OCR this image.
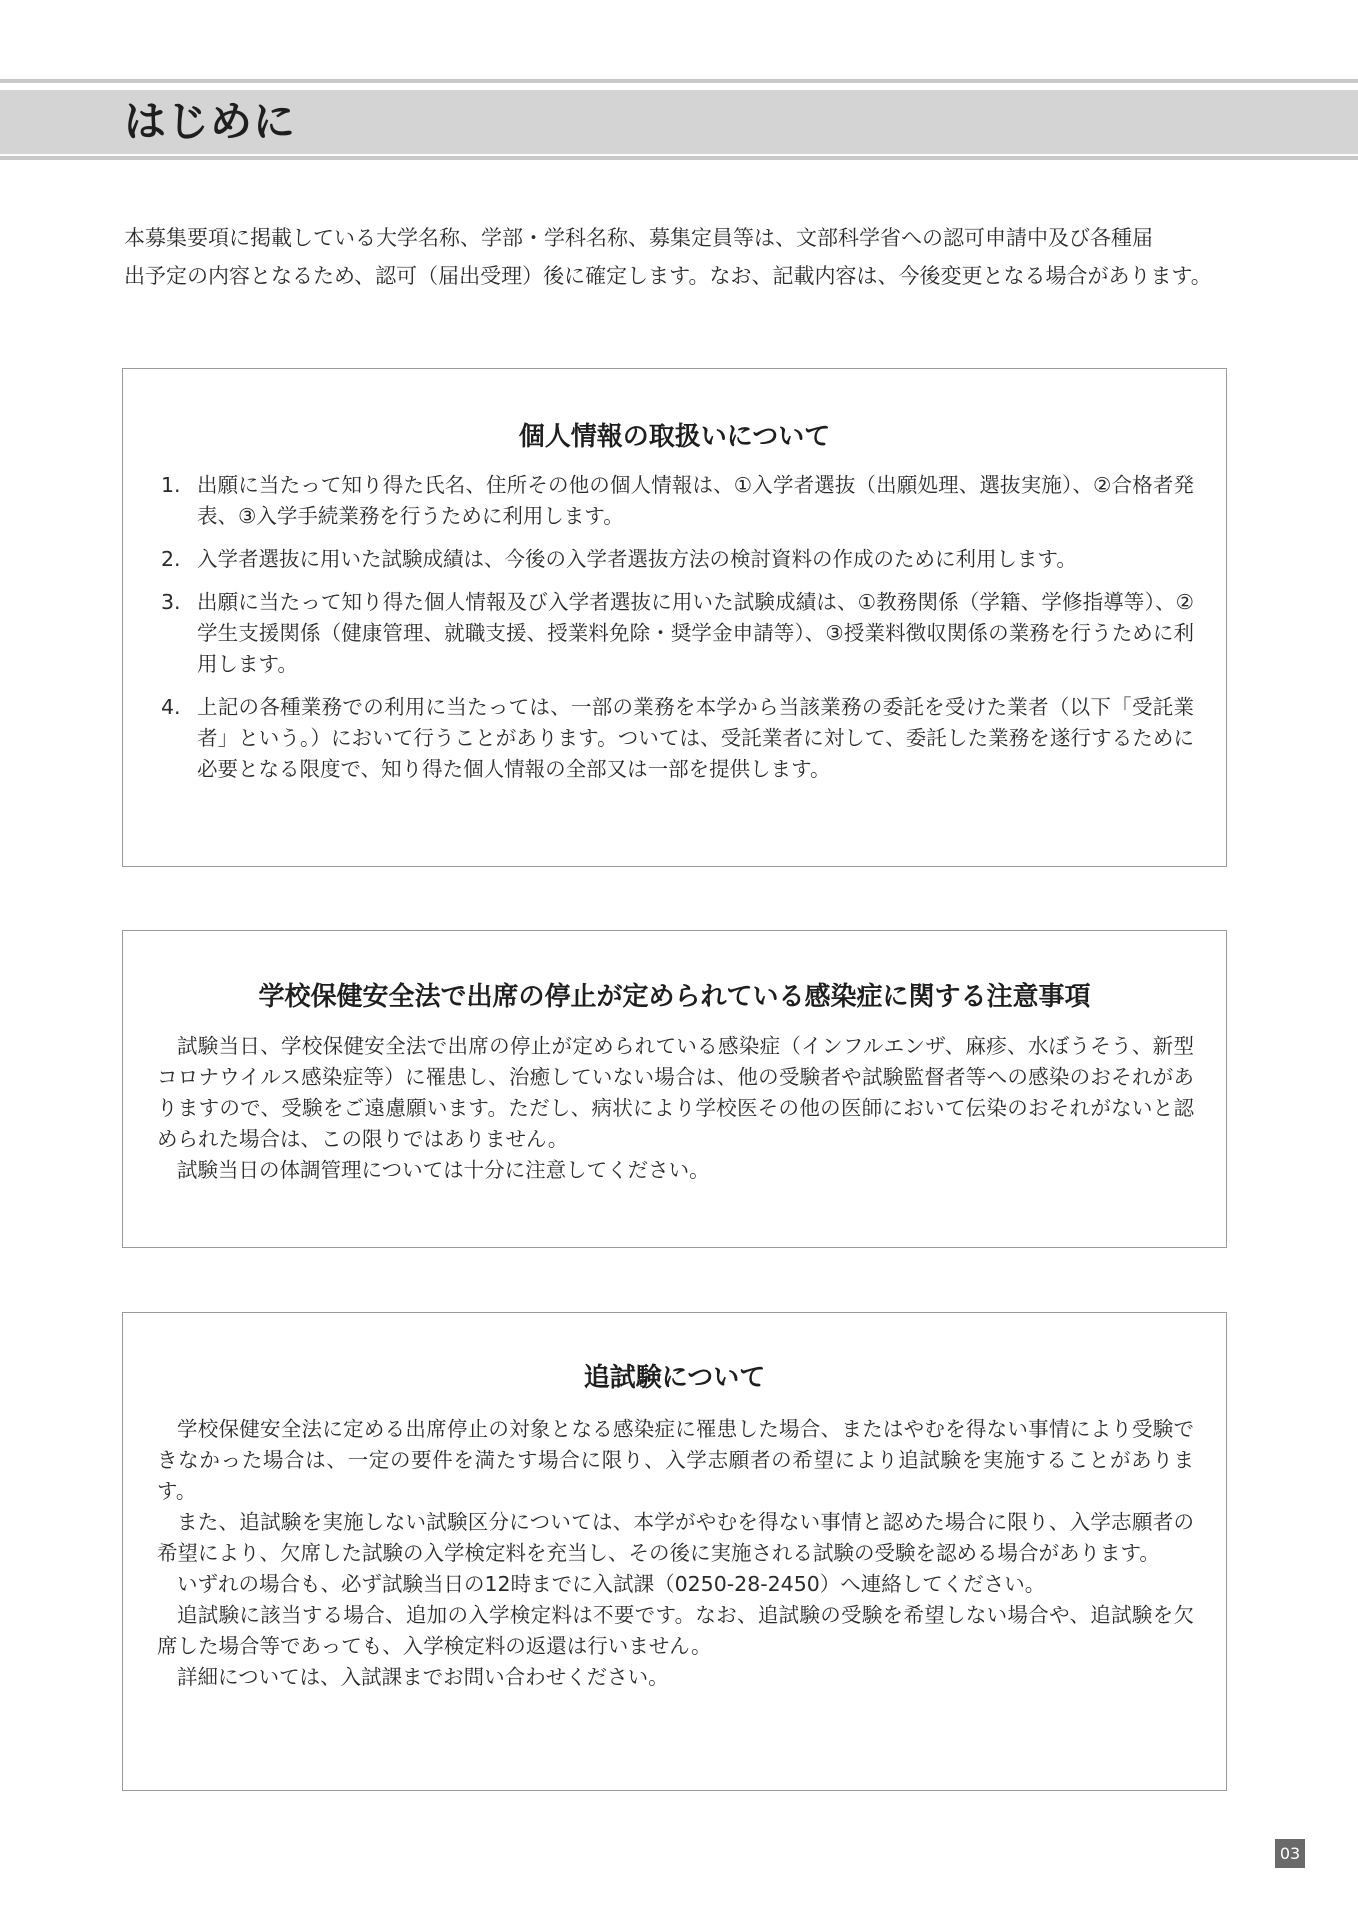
はじめに

本募集要項に掲載している大学名称、学部・学科名称、募集定員等は、文部科学省への認可申請中及び各種届

出予定の内容となるため、認可（届出受理）後に確定します。なお、記載内容は、今後変更となる場合があります。

個人情報の取扱いについて
1. 出願に当たって知り得た氏名、住所その他の個人情報は、①入学者選抜（出願処理、選抜実施）、②合格者発表、③入学手続業務を行うために利用します。
2. 入学者選抜に用いた試験成績は、今後の入学者選抜方法の検討資料の作成のために利用します。
3. 出願に当たって知り得た個人情報及び入学者選抜に用いた試験成績は、①教務関係（学籍、学修指導等）、②学生支援関係（健康管理、就職支援、授業料免除・奨学金申請等）、③授業料徴収関係の業務を行うために利用します。
4. 上記の各種業務での利用に当たっては、一部の業務を本学から当該業務の委託を受けた業者（以下「受託業者」という。）において行うことがあります。ついては、受託業者に対して、委託した業務を遂行するために必要となる限度で、知り得た個人情報の全部又は一部を提供します。
学校保健安全法で出席の停止が定められている感染症に関する注意事項

試験当日、学校保健安全法で出席の停止が定められている感染症（インフルエンザ、麻疹、水ぼうそう、新型コロナウイルス感染症等）に罹患し、治癒していない場合は、他の受験者や試験監督者等への感染のおそれがありますので、受験をご遠慮願います。ただし、病状により学校医その他の医師において伝染のおそれがないと認められた場合は、この限りではありません。

試験当日の体調管理については十分に注意してください。

追試験について

学校保健安全法に定める出席停止の対象となる感染症に罹患した場合、またはやむを得ない事情により受験できなかった場合は、一定の要件を満たす場合に限り、入学志願者の希望により追試験を実施することがあります。

また、追試験を実施しない試験区分については、本学がやむを得ない事情と認めた場合に限り、入学志願者の希望により、欠席した試験の入学検定料を充当し、その後に実施される試験の受験を認める場合があります。

いずれの場合も、必ず試験当日の12時までに入試課（0250-28-2450）へ連絡してください。

追試験に該当する場合、追加の入学検定料は不要です。なお、追試験の受験を希望しない場合や、追試験を欠席した場合等であっても、入学検定料の返還は行いません。

詳細については、入試課までお問い合わせください。

03
